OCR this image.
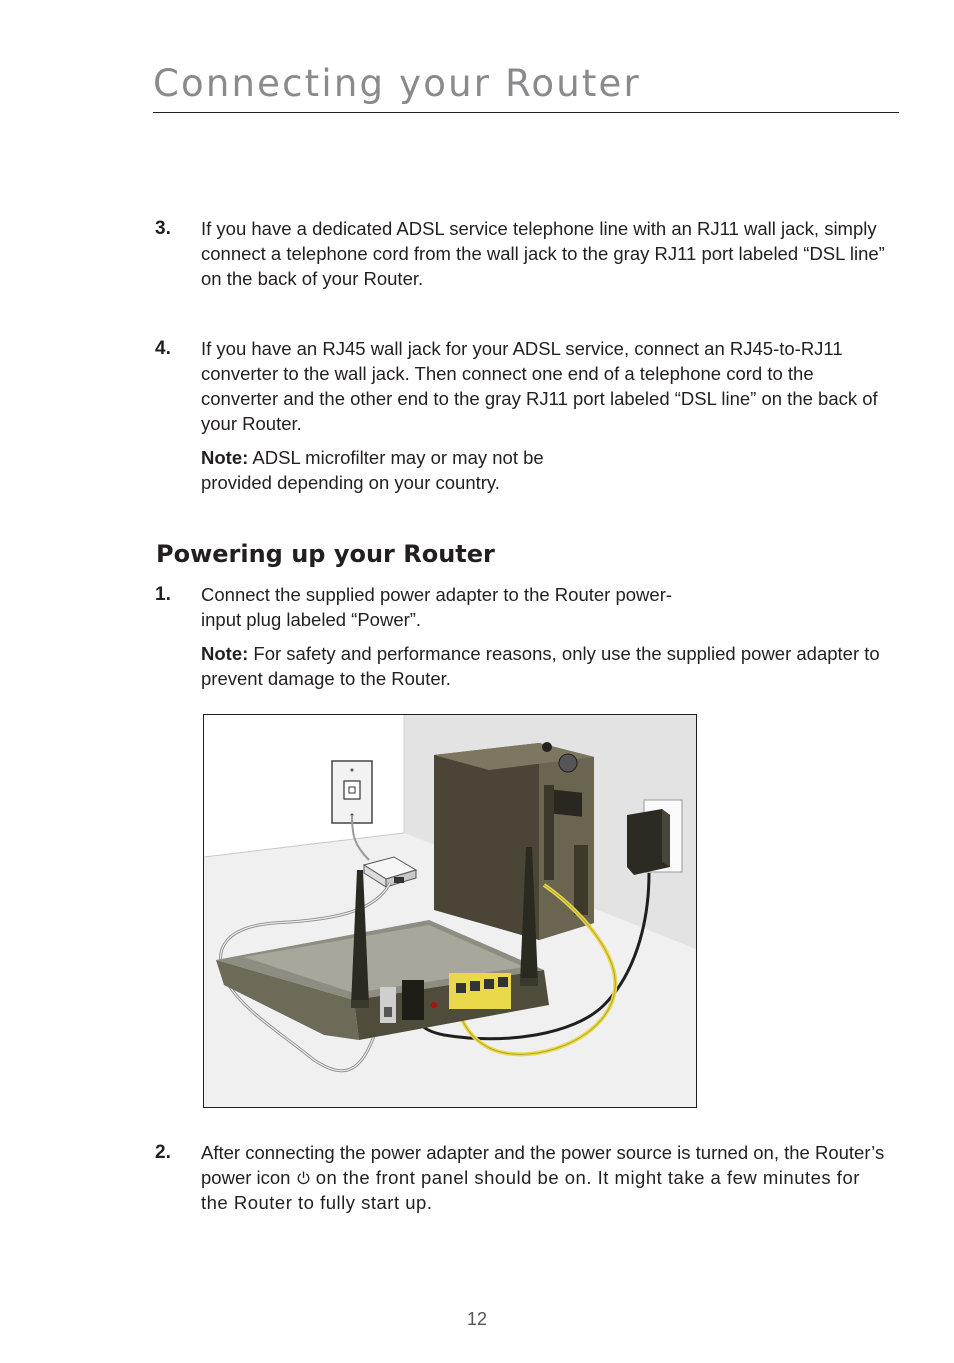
Connecting your Router
3. If you have a dedicated ADSL service telephone line with an RJ11 wall jack, simply connect a telephone cord from the wall jack to the gray RJ11 port labeled “DSL line” on the back of your Router.
4. If you have an RJ45 wall jack for your ADSL service, connect an RJ45-to-RJ11 converter to the wall jack. Then connect one end of a telephone cord to the converter and the other end to the gray RJ11 port labeled “DSL line” on the back of your Router.
Note: ADSL microfilter may or may not be provided depending on your country.
Powering up your Router
1. Connect the supplied power adapter to the Router power-input plug labeled “Power”.
Note: For safety and performance reasons, only use the supplied power adapter to prevent damage to the Router.
2. After connecting the power adapter and the power source is turned on, the Router’s power icon on the front panel should be on. It might take a few minutes for the Router to fully start up.
12
